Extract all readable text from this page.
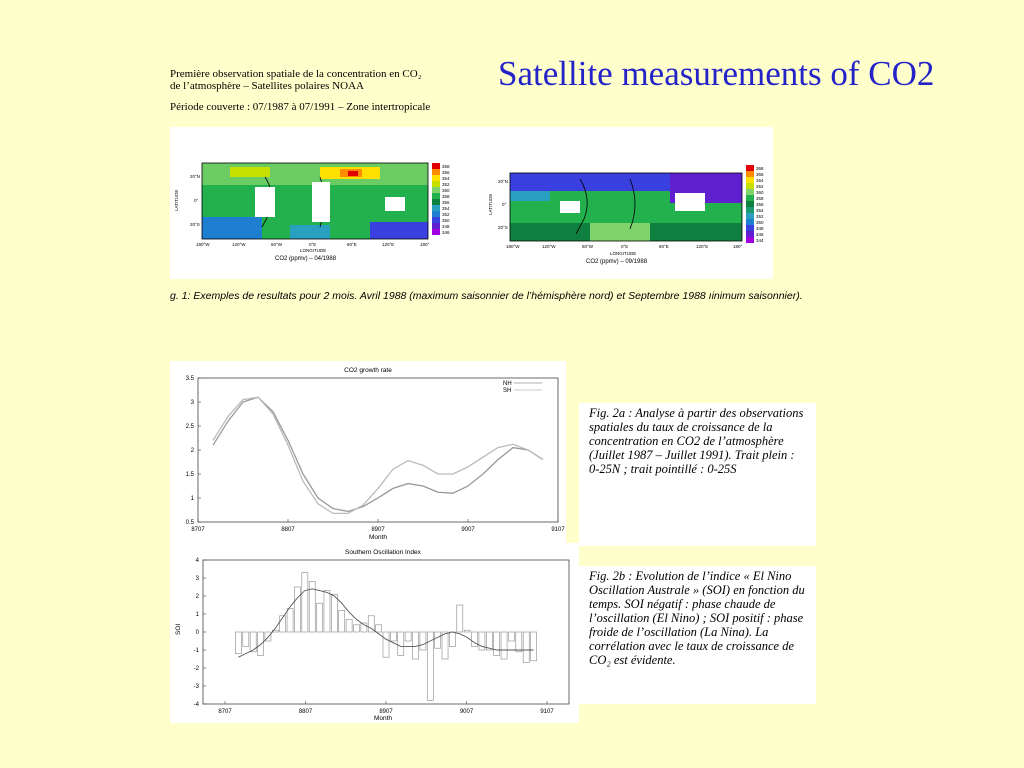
Satellite measurements of CO2
Première observation spatiale de la concentration en CO₂
de l’atmosphère – Satellites polaires NOAA
Période couverte : 07/1987 à 07/1991 – Zone intertropicale
358
356
354
352
350
358
356
354
352
350
348
346
20°N
0°
20°S
LATITUDE
180°W	120°W	60°W	0°E	60°E	120°E	180°
LONGITUDE
CO2 (ppmv) – 04/1988
368
366
364
362
360
358
356
354
352
350
348
346
344
20°N
0°
20°S
LATITUDE
180°W	120°W	60°W	0°E	60°E	120°E	180°
LONGITUDE
CO2 (ppmv) – 09/1988
g. 1: Exemples de resultats pour 2 mois. Avril 1988 (maximum saisonnier de l’hémisphère nord) et Septembre 1988 ıinimum saisonnier).
CO2 growth rate
0.5
1
1.5
2
2.5
3
3.5
8707	8807	8907	9007	9107
NH
SH
Month
Southern Oscillation Index
SOI
-4
-3
-2
-1
0
1
2
3
4
8707	8807	8907	9007	9107
Month
Fig. 2a : Analyse à partir des observations spatiales du taux de croissance de la concentration en CO2 de l’atmosphère (Juillet 1987 – Juillet 1991). Trait plein : 0-25N ; trait pointillé : 0-25S
Fig. 2b : Evolution de l’indice « El Nino Oscillation Australe » (SOI) en fonction du temps. SOI négatif : phase chaude de l’oscillation (El Nino) ; SOI positif : phase froide de l’oscillation (La Nina). La corrélation avec le taux de croissance de CO₂ est évidente.
